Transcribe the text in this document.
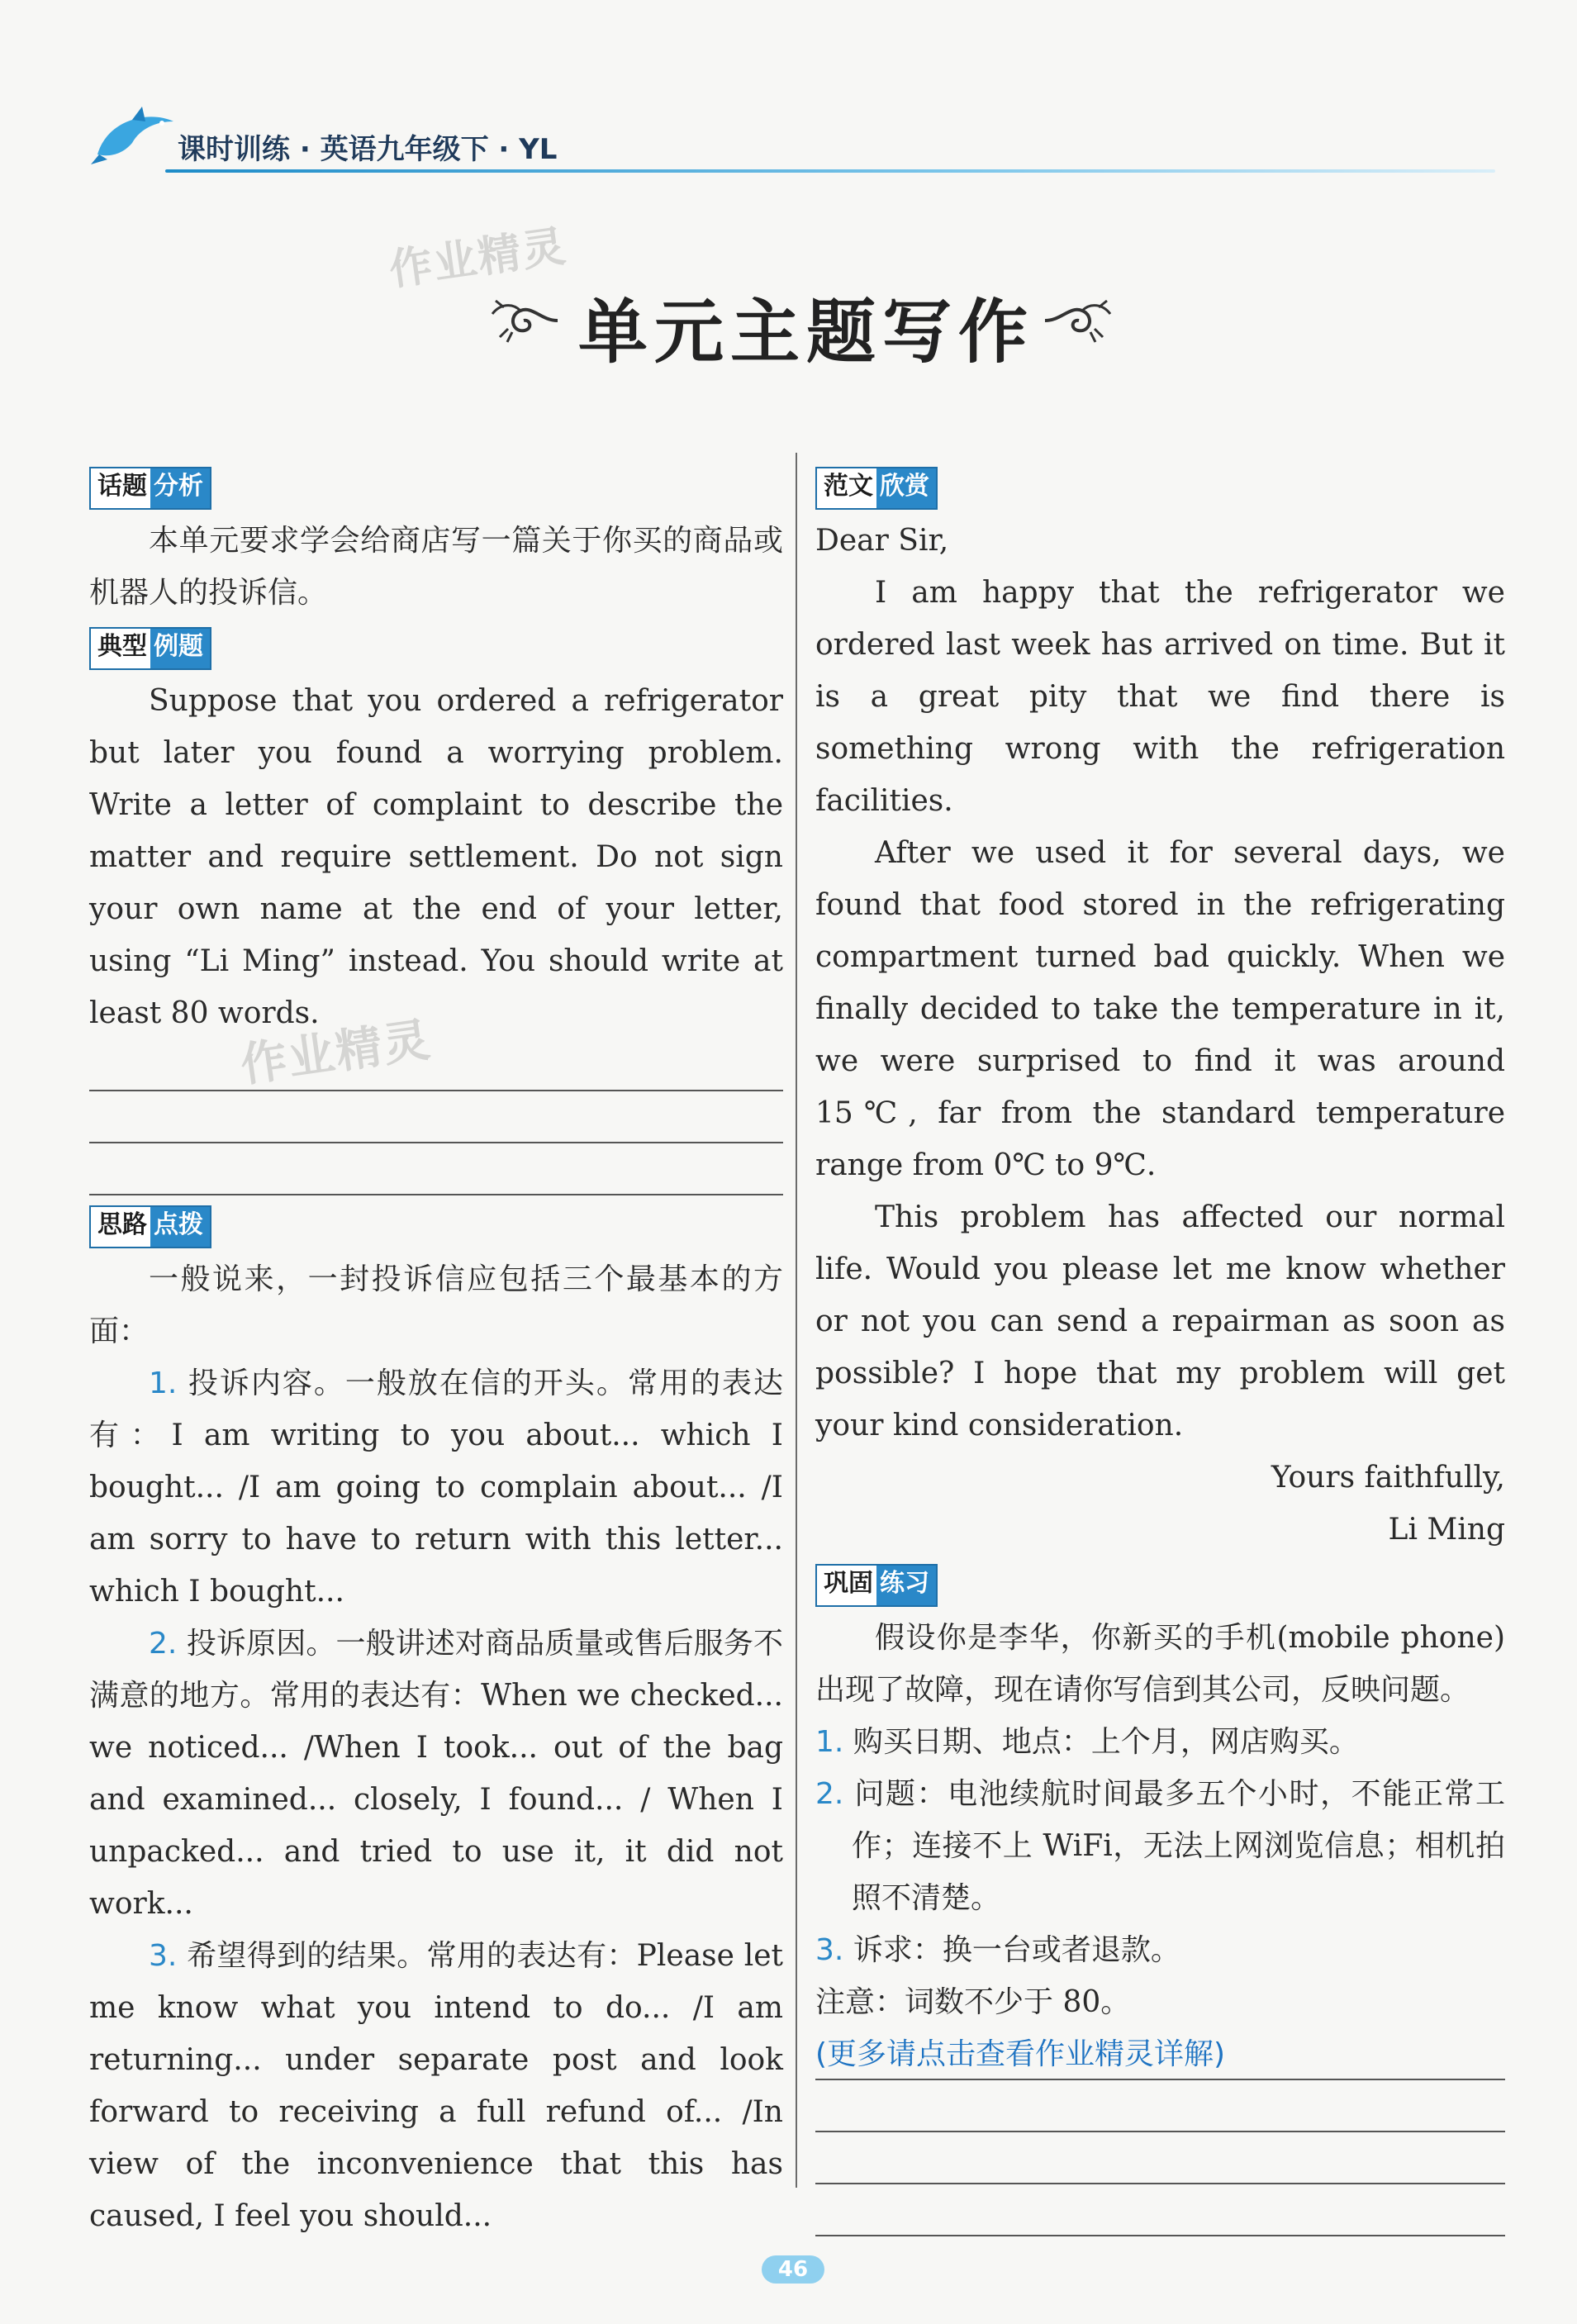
课时训练 · 英语九年级下 · YL
作业精灵
作业精灵
单元主题写作
话题 分析

本单元要求学会给商店写一篇关于你买的商品或机器人的投诉信。

典型 例题

Suppose that you ordered a refrigerator but later you found a worrying problem. Write a letter of complaint to describe the matter and require settlement. Do not sign your own name at the end of your letter, using “Li Ming” instead. You should write at least 80 words.

思路 点拨

一般说来，一封投诉信应包括三个最基本的方面：

1. 投诉内容。一般放在信的开头。常用的表达有：I am writing to you about... which I bought... /I am going to complain about... /I am sorry to have to return with this letter... which I bought...

2. 投诉原因。一般讲述对商品质量或售后服务不满意的地方。常用的表达有：When we checked... we noticed... /When I took... out of the bag and examined... closely, I found... / When I unpacked... and tried to use it, it did not work...

3. 希望得到的结果。常用的表达有：Please let me know what you intend to do... /I am returning... under separate post and look forward to receiving a full refund of... /In view of the inconvenience that this has caused, I feel you should...

范文 欣赏

Dear Sir,

I am happy that the refrigerator we ordered last week has arrived on time. But it is a great pity that we find there is something wrong with the refrigeration facilities.

After we used it for several days, we found that food stored in the refrigerating compartment turned bad quickly. When we finally decided to take the temperature in it, we were surprised to find it was around 15℃, far from the standard temperature range from 0℃ to 9℃.

This problem has affected our normal life. Would you please let me know whether or not you can send a repairman as soon as possible? I hope that my problem will get your kind consideration.

Yours faithfully,

Li Ming

巩固 练习

假设你是李华，你新买的手机(mobile phone)出现了故障，现在请你写信到其公司，反映问题。

1. 购买日期、地点：上个月，网店购买。

2. 问题：电池续航时间最多五个小时，不能正常工作；连接不上 WiFi，无法上网浏览信息；相机拍照不清楚。

3. 诉求：换一台或者退款。

注意：词数不少于 80。

(更多请点击查看作业精灵详解)
46
